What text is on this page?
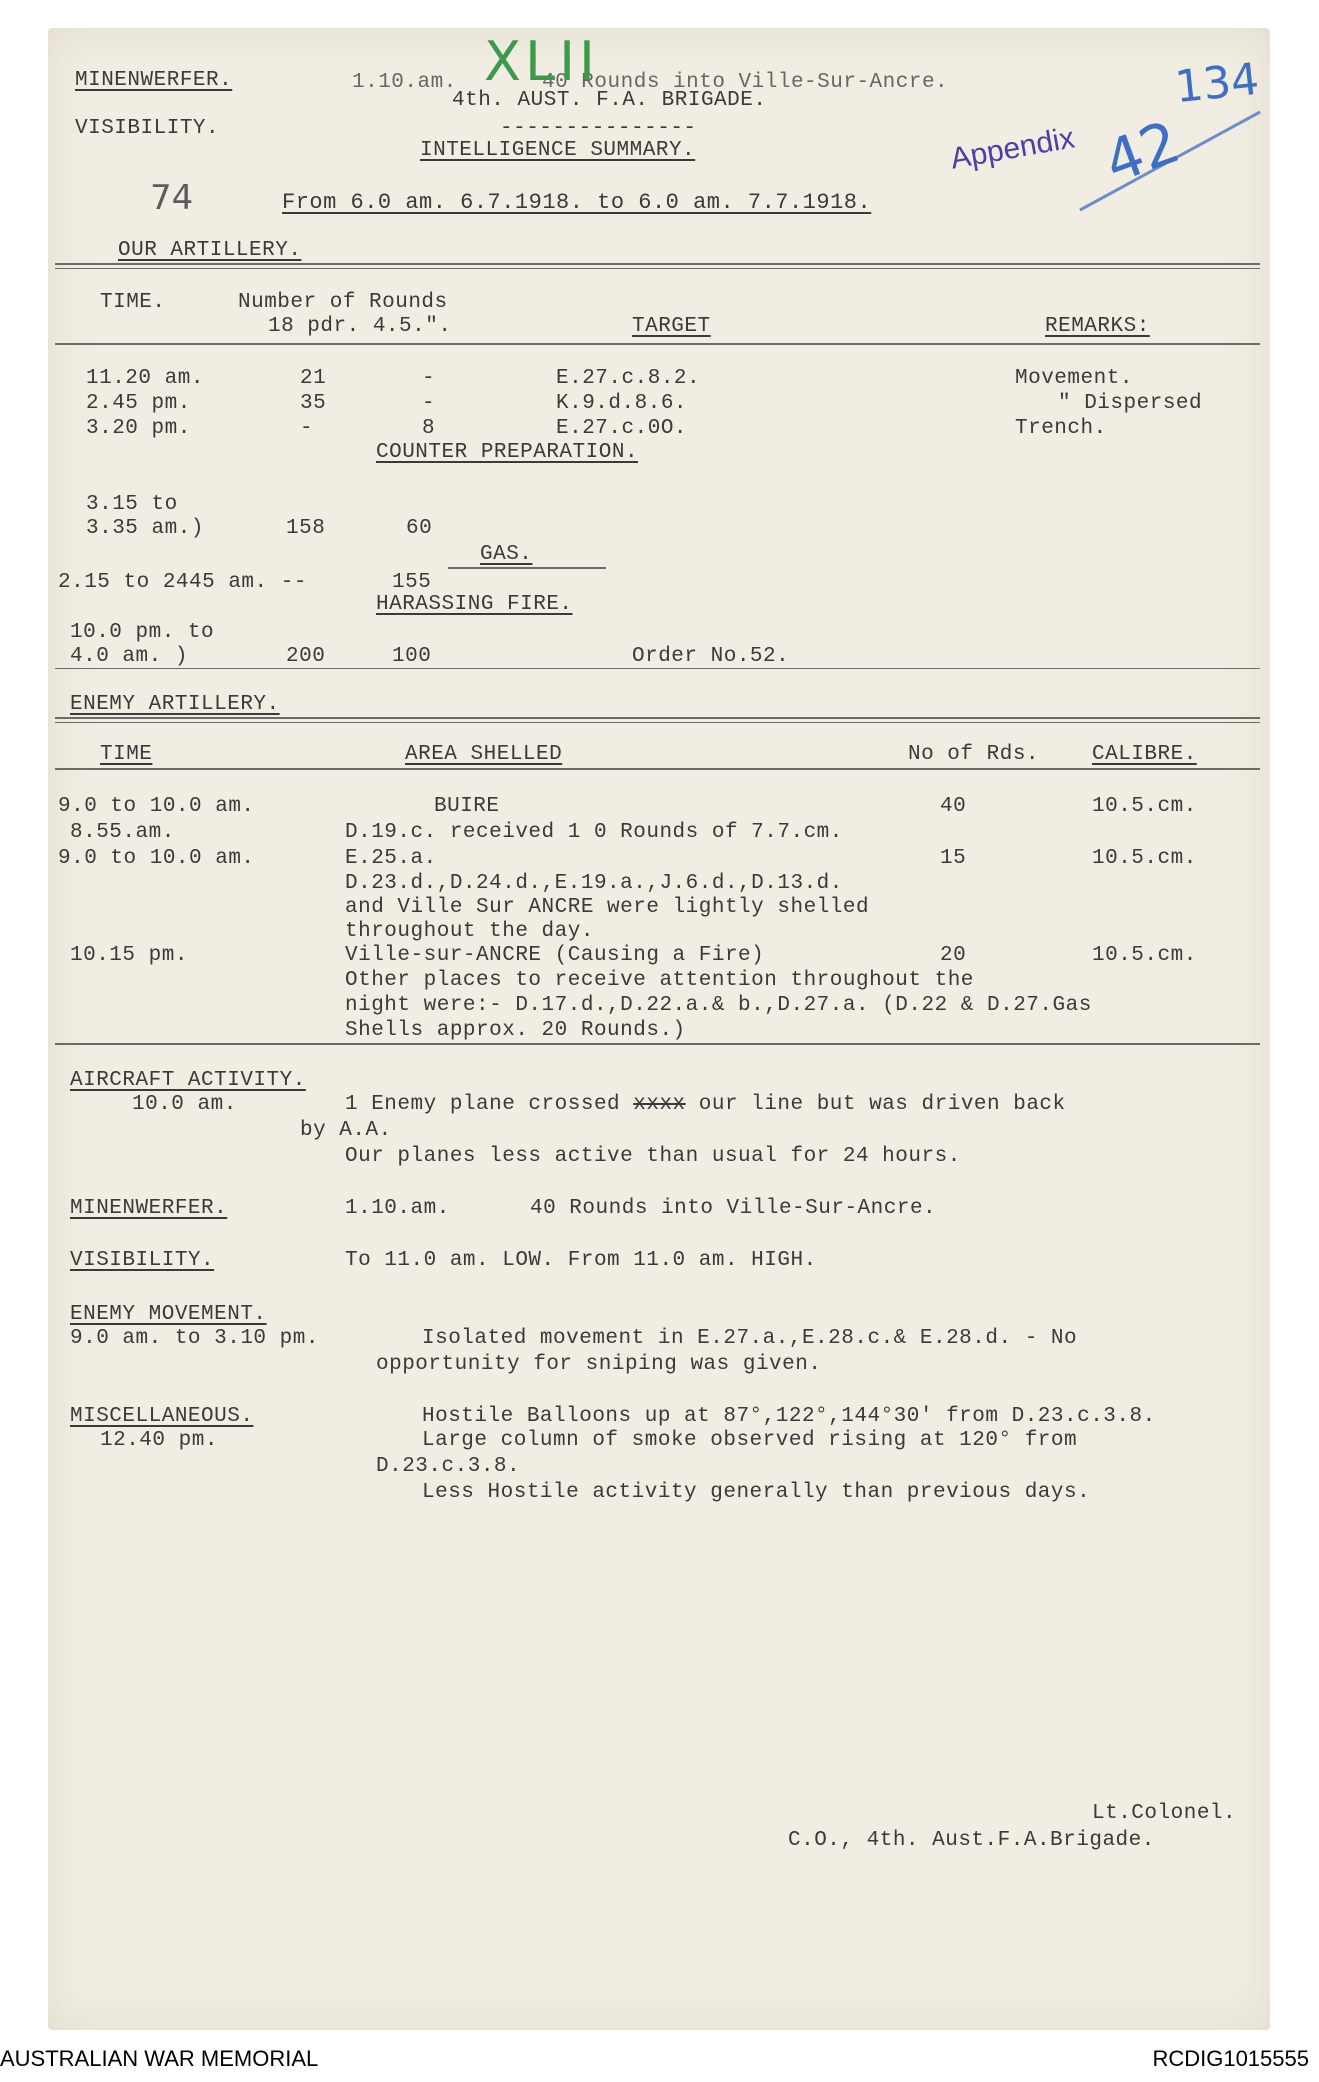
MINENWERFER.
VISIBILITY.
1.10.am.	40 Rounds into Ville-Sur-Ancre.
4th. AUST. F.A. BRIGADE.
---------------
INTELLIGENCE SUMMARY.
From 6.0 am. 6.7.1918. to 6.0 am. 7.7.1918.
74
XLII	134
Appendix 42
OUR ARTILLERY.
TIME.	Number of Rounds
18 pdr. 4.5.".	TARGET	REMARKS:
11.20 am.	21	-	E.27.c.8.2.	Movement.
2.45 pm.	35	-	K.9.d.8.6.	" Dispersed
3.20 pm.	-	8	E.27.c.0O.	Trench.
COUNTER PREPARATION.
3.15 to
3.35 am.)	158	60
GAS.
2.15 to 2445 am. --	155
HARASSING FIRE.
10.0 pm. to
4.0 am. )	200	100	Order No.52.
ENEMY ARTILLERY.
TIME	AREA SHELLED	No of Rds.	CALIBRE.
9.0 to 10.0 am.	BUIRE	40	10.5.cm.
8.55.am.	D.19.c. received 1 0 Rounds of 7.7.cm.
9.0 to 10.0 am.	E.25.a.	15	10.5.cm.
D.23.d.,D.24.d.,E.19.a.,J.6.d.,D.13.d.
and Ville Sur ANCRE were lightly shelled
throughout the day.
10.15 pm.	Ville-sur-ANCRE (Causing a Fire)	20	10.5.cm.
Other places to receive attention throughout the
night were:- D.17.d.,D.22.a.& b.,D.27.a. (D.22 & D.27.Gas
Shells approx. 20 Rounds.)
AIRCRAFT ACTIVITY.
10.0 am.	1 Enemy plane crossed xxxx our line but was driven back
by A.A.
Our planes less active than usual for 24 hours.
MINENWERFER.	1.10.am.	40 Rounds into Ville-Sur-Ancre.
VISIBILITY.	To 11.0 am. LOW. From 11.0 am. HIGH.
ENEMY MOVEMENT.
9.0 am. to 3.10 pm.	Isolated movement in E.27.a.,E.28.c.& E.28.d. - No
opportunity for sniping was given.
MISCELLANEOUS.
12.40 pm.
Hostile Balloons up at 87°,122°,144°30' from D.23.c.3.8.
Large column of smoke observed rising at 120° from
D.23.c.3.8.
Less Hostile activity generally than previous days.
Lt.Colonel.
C.O., 4th. Aust.F.A.Brigade.
AUSTRALIAN WAR MEMORIAL	RCDIG1015555
